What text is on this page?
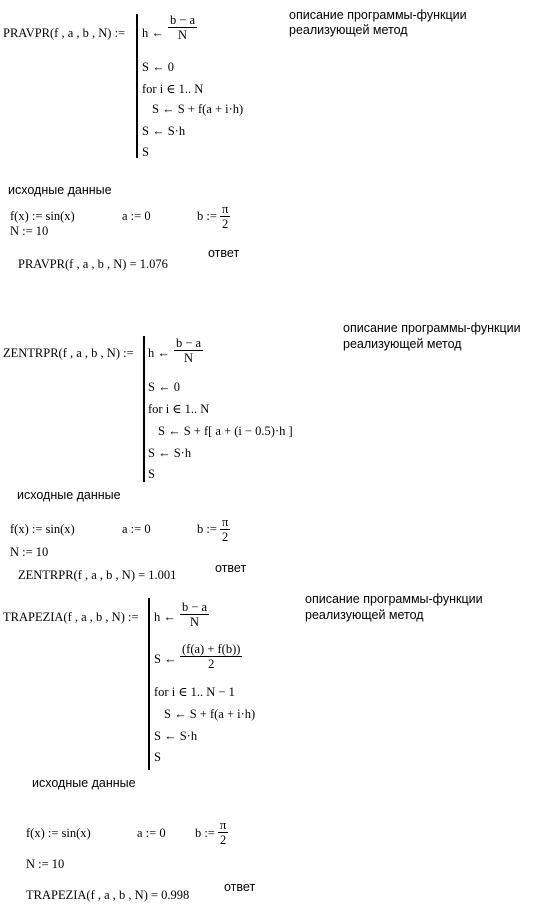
PRAVPR(f , a , b , N) := h ← $\frac{b - a}{N}$
S ← 0
for i ∈ 1.. N
S ← S + f(a + i·h)
S ← S·h
S
описание программы-функции
реализующей метод
исходные данные
f(x) := sin(x)	a := 0	b := $\frac{\pi}{2}$
N := 10
PRAVPR(f , a , b , N) = 1.076
ответ
ZENTRPR(f , a , b , N) := h ← $\frac{b - a}{N}$
S ← 0
for i ∈ 1.. N
S ← S + f[ a + (i − 0.5)·h ]
S ← S·h
S
описание программы-функции
реализующей метод
исходные данные
f(x) := sin(x)	a := 0	b := $\frac{\pi}{2}$
N := 10
ZENTRPR(f , a , b , N) = 1.001	ответ
TRAPEZIA(f , a , b , N) := h ← $\frac{b - a}{N}$
S ← $\frac{(f(a) + f(b))}{2}$
for i ∈ 1.. N − 1
S ← S + f(a + i·h)
S ← S·h
S
описание программы-функции
реализующей метод
исходные данные
f(x) := sin(x)	a := 0 b := $\frac{\pi}{2}$
N := 10
TRAPEZIA(f , a , b , N) = 0.998
ответ
